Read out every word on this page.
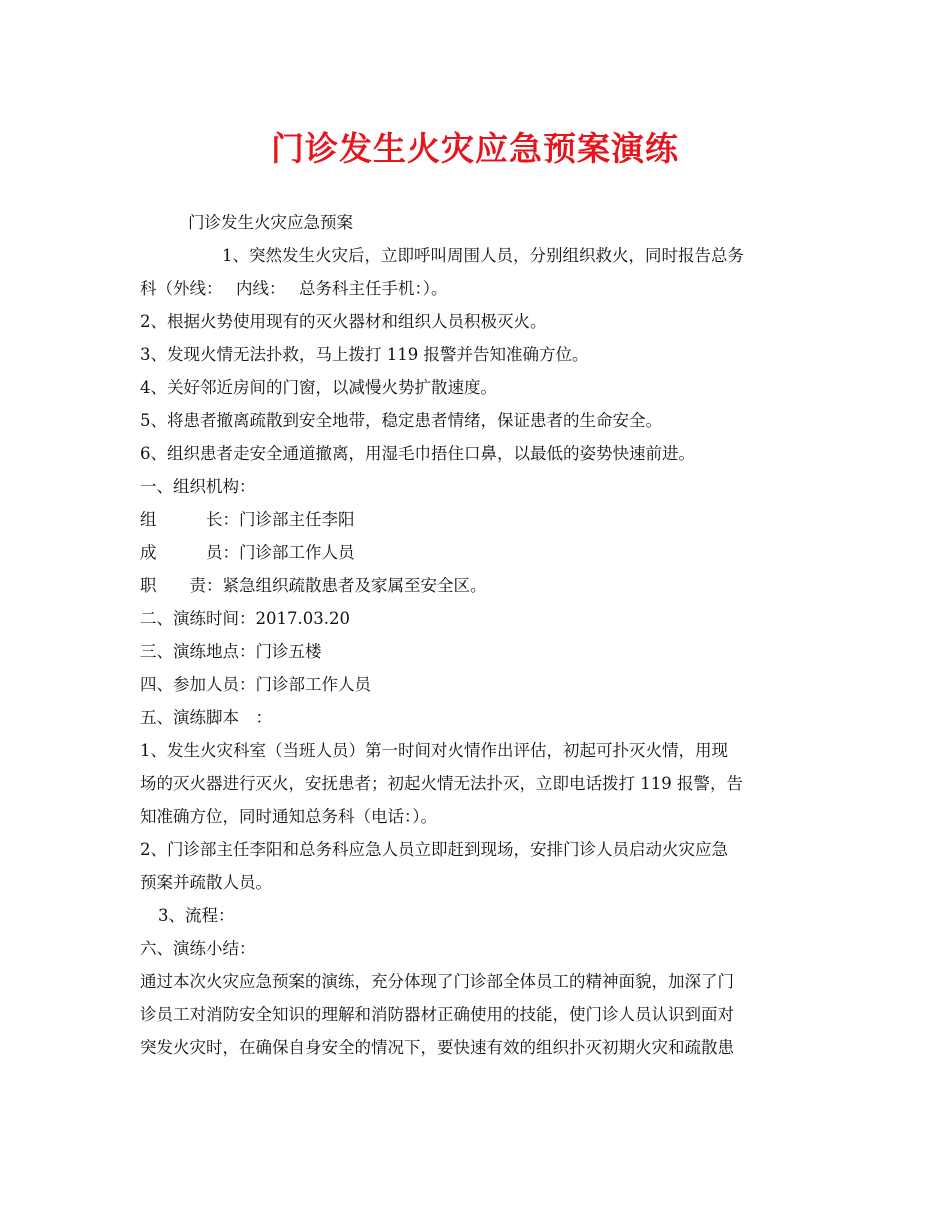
门诊发生火灾应急预案演练
门诊发生火灾应急预案
1、突然发生火灾后，立即呼叫周围人员，分别组织救火，同时报告总务
科（外线：　 内线：　 总务科主任手机：）。
2、根据火势使用现有的灭火器材和组织人员积极灭火。
3、发现火情无法扑救，马上拨打 119 报警并告知准确方位。
4、关好邻近房间的门窗，以减慢火势扩散速度。
5、将患者撤离疏散到安全地带，稳定患者情绪，保证患者的生命安全。
6、组织患者走安全通道撤离，用湿毛巾捂住口鼻，以最低的姿势快速前进。
一、组织机构：
组　　　长：门诊部主任李阳
成　　　员：门诊部工作人员
职　　责：紧急组织疏散患者及家属至安全区。
二、演练时间：2017.03.20
三、演练地点：门诊五楼
四、参加人员：门诊部工作人员
五、演练脚本　：
1、发生火灾科室（当班人员）第一时间对火情作出评估，初起可扑灭火情，用现
场的灭火器进行灭火，安抚患者；初起火情无法扑灭，立即电话拨打 119 报警，告
知准确方位，同时通知总务科（电话：）。
2、门诊部主任李阳和总务科应急人员立即赶到现场，安排门诊人员启动火灾应急
预案并疏散人员。
3、流程：
六、演练小结：
通过本次火灾应急预案的演练，充分体现了门诊部全体员工的精神面貌，加深了门
诊员工对消防安全知识的理解和消防器材正确使用的技能，使门诊人员认识到面对
突发火灾时，在确保自身安全的情况下，要快速有效的组织扑灭初期火灾和疏散患
